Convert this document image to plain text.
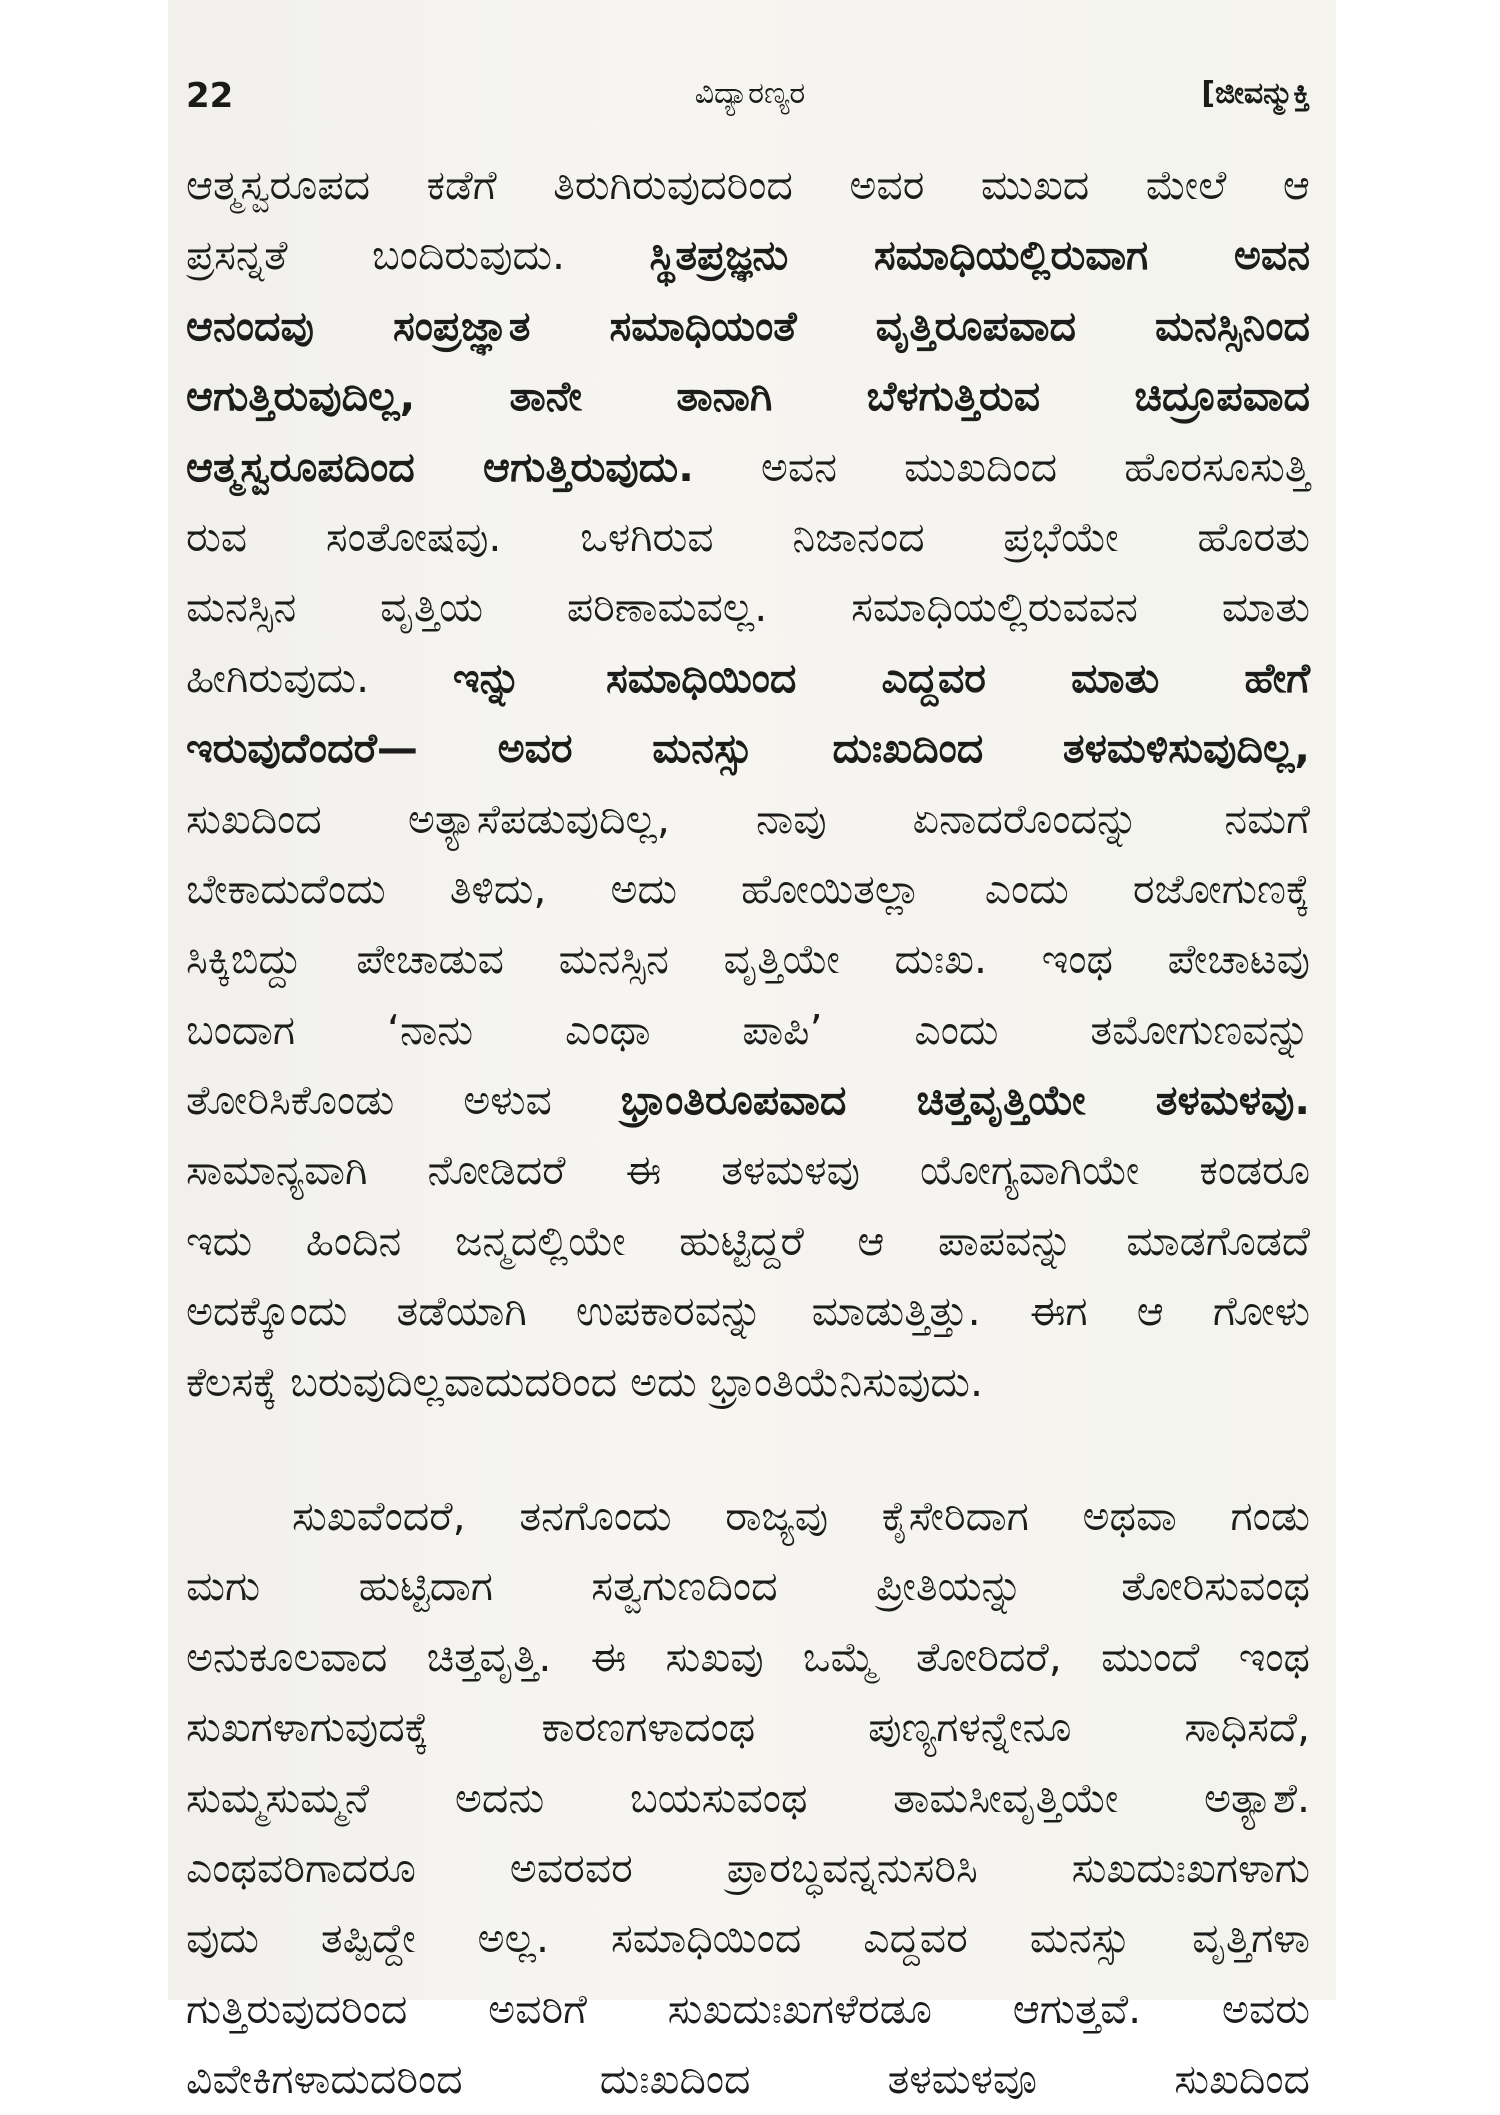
22	ವಿದ್ಯಾರಣ್ಯರ	[ಜೀವನ್ಮುಕ್ತಿ
ಆತ್ಮಸ್ವರೂಪದ ಕಡೆಗೆ ತಿರುಗಿರುವುದರಿಂದ ಅವರ ಮುಖದ ಮೇಲೆ ಆ
ಪ್ರಸನ್ನತೆ ಬಂದಿರುವುದು. ಸ್ಥಿತಪ್ರಜ್ಞನು ಸಮಾಧಿಯಲ್ಲಿರುವಾಗ ಅವನ
ಆನಂದವು ಸಂಪ್ರಜ್ಞಾತ ಸಮಾಧಿಯಂತೆ ವೃತ್ತಿರೂಪವಾದ ಮನಸ್ಸಿನಿಂದ
ಆಗುತ್ತಿರುವುದಿಲ್ಲ, ತಾನೇ ತಾನಾಗಿ ಬೆಳಗುತ್ತಿರುವ ಚಿದ್ರೂಪವಾದ
ಆತ್ಮಸ್ವರೂಪದಿಂದ ಆಗುತ್ತಿರುವುದು. ಅವನ ಮುಖದಿಂದ ಹೊರಸೂಸುತ್ತಿ
ರುವ ಸಂತೋಷವು. ಒಳಗಿರುವ ನಿಜಾನಂದ ಪ್ರಭೆಯೇ ಹೊರತು
ಮನಸ್ಸಿನ ವೃತ್ತಿಯ ಪರಿಣಾಮವಲ್ಲ. ಸಮಾಧಿಯಲ್ಲಿರುವವನ ಮಾತು
ಹೀಗಿರುವುದು. ಇನ್ನು ಸಮಾಧಿಯಿಂದ ಎದ್ದವರ ಮಾತು ಹೇಗೆ
ಇರುವುದೆಂದರೆ— ಅವರ ಮನಸ್ಸು ದುಃಖದಿಂದ ತಳಮಳಿಸುವುದಿಲ್ಲ,
ಸುಖದಿಂದ ಅತ್ಯಾಸೆಪಡುವುದಿಲ್ಲ, ನಾವು ಏನಾದರೊಂದನ್ನು ನಮಗೆ
ಬೇಕಾದುದೆಂದು ತಿಳಿದು, ಅದು ಹೋಯಿತಲ್ಲಾ ಎಂದು ರಜೋಗುಣಕ್ಕೆ
ಸಿಕ್ಕಿಬಿದ್ದು ಪೇಚಾಡುವ ಮನಸ್ಸಿನ ವೃತ್ತಿಯೇ ದುಃಖ. ಇಂಥ ಪೇಚಾಟವು
ಬಂದಾಗ ‘ನಾನು ಎಂಥಾ ಪಾಪಿ’ ಎಂದು ತಮೋಗುಣವನ್ನು
ತೋರಿಸಿಕೊಂಡು ಅಳುವ ಭ್ರಾಂತಿರೂಪವಾದ ಚಿತ್ತವೃತ್ತಿಯೇ ತಳಮಳವು.
ಸಾಮಾನ್ಯವಾಗಿ ನೋಡಿದರೆ ಈ ತಳಮಳವು ಯೋಗ್ಯವಾಗಿಯೇ ಕಂಡರೂ
ಇದು ಹಿಂದಿನ ಜನ್ಮದಲ್ಲಿಯೇ ಹುಟ್ಟಿದ್ದರೆ ಆ ಪಾಪವನ್ನು ಮಾಡಗೊಡದೆ
ಅದಕ್ಕೊಂದು ತಡೆಯಾಗಿ ಉಪಕಾರವನ್ನು ಮಾಡುತ್ತಿತ್ತು. ಈಗ ಆ ಗೋಳು
ಕೆಲಸಕ್ಕೆ ಬರುವುದಿಲ್ಲವಾದುದರಿಂದ ಅದು ಭ್ರಾಂತಿಯೆನಿಸುವುದು.
ಸುಖವೆಂದರೆ, ತನಗೊಂದು ರಾಜ್ಯವು ಕೈಸೇರಿದಾಗ ಅಥವಾ ಗಂಡು
ಮಗು ಹುಟ್ಟಿದಾಗ ಸತ್ವಗುಣದಿಂದ ಪ್ರೀತಿಯನ್ನು ತೋರಿಸುವಂಥ
ಅನುಕೂಲವಾದ ಚಿತ್ತವೃತ್ತಿ. ಈ ಸುಖವು ಒಮ್ಮೆ ತೋರಿದರೆ, ಮುಂದೆ ಇಂಥ
ಸುಖಗಳಾಗುವುದಕ್ಕೆ ಕಾರಣಗಳಾದಂಥ ಪುಣ್ಯಗಳನ್ನೇನೂ ಸಾಧಿಸದೆ,
ಸುಮ್ಮಸುಮ್ಮನೆ ಅದನು ಬಯಸುವಂಥ ತಾಮಸೀವೃತ್ತಿಯೇ ಅತ್ಯಾಶೆ.
ಎಂಥವರಿಗಾದರೂ ಅವರವರ ಪ್ರಾರಬ್ಧವನ್ನನುಸರಿಸಿ ಸುಖದುಃಖಗಳಾಗು
ವುದು ತಪ್ಪಿದ್ದೇ ಅಲ್ಲ. ಸಮಾಧಿಯಿಂದ ಎದ್ದವರ ಮನಸ್ಸು ವೃತ್ತಿಗಳಾ
ಗುತ್ತಿರುವುದರಿಂದ ಅವರಿಗೆ ಸುಖದುಃಖಗಳೆರಡೂ ಆಗುತ್ತವೆ. ಅವರು
ವಿವೇಕಿಗಳಾದುದರಿಂದ ದುಃಖದಿಂದ ತಳಮಳವೂ ಸುಖದಿಂದ
